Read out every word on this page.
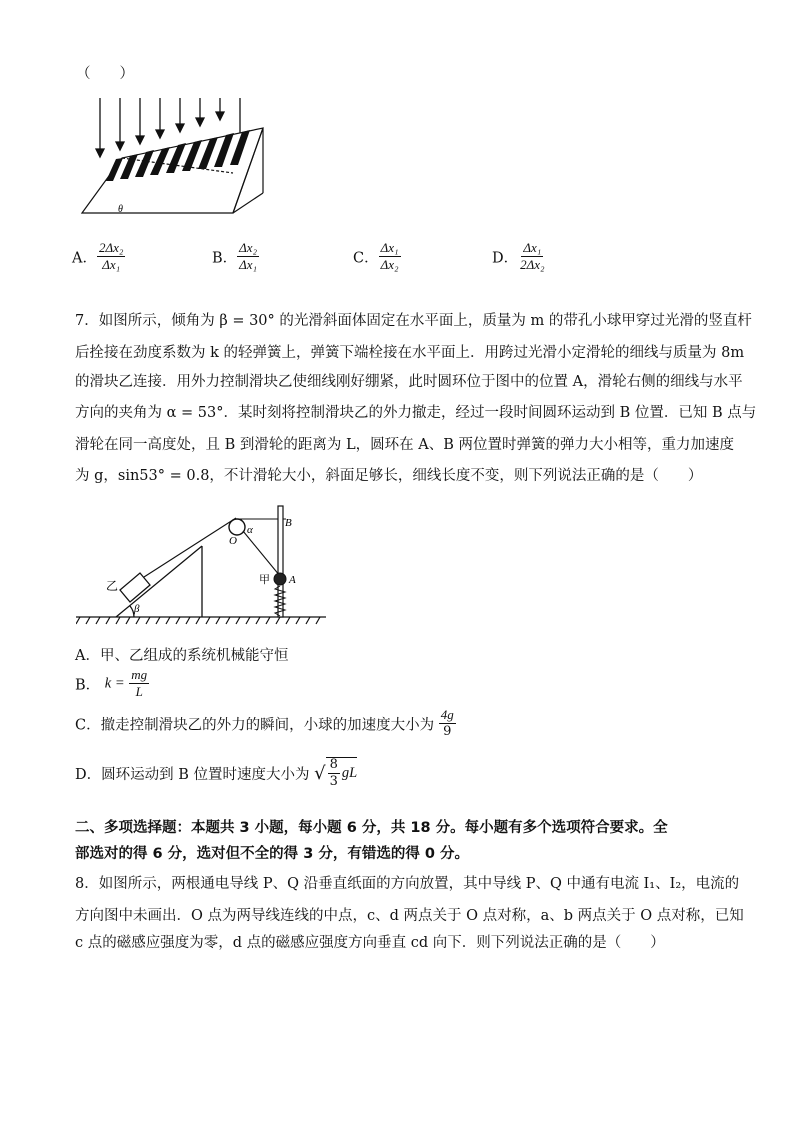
（　　）
θ
A． $\frac{\text{2Δx₂}}{\text{Δx₁}}$	B． $\frac{\text{Δx₂}}{\text{Δx₁}}$	C． $\frac{\text{Δx₁}}{\text{Δx₂}}$	D． $\frac{\text{Δx₁}}{\text{2Δx₂}}$
7．如图所示，倾角为 β = 30° 的光滑斜面体固定在水平面上，质量为 m 的带孔小球甲穿过光滑的竖直杆
后拴接在劲度系数为 k 的轻弹簧上，弹簧下端栓接在水平面上．用跨过光滑小定滑轮的细线与质量为 8m
的滑块乙连接．用外力控制滑块乙使细线刚好绷紧，此时圆环位于图中的位置 A，滑轮右侧的细线与水平
方向的夹角为 α = 53°．某时刻将控制滑块乙的外力撤走，经过一段时间圆环运动到 B 位置．已知 B 点与
滑轮在同一高度处，且 B 到滑轮的距离为 L，圆环在 A、B 两位置时弹簧的弹力大小相等，重力加速度
为 g，sin53° = 0.8，不计滑轮大小，斜面足够长，细线长度不变，则下列说法正确的是（　　）
β
乙
O
α
B
甲 A
A．甲、乙组成的系统机械能守恒
B． $k = \frac{mg}{L}$
C．撤走控制滑块乙的外力的瞬间，小球的加速度大小为 $\frac{4g}{9}$
D．圆环运动到 B 位置时速度大小为 √ $\frac{8}{3}$ gL
二、多项选择题：本题共 3 小题，每小题 6 分，共 18 分。每小题有多个选项符合要求。全
部选对的得 6 分，选对但不全的得 3 分，有错选的得 0 分。
8．如图所示，两根通电导线 P、Q 沿垂直纸面的方向放置，其中导线 P、Q 中通有电流 I₁、I₂，电流的
方向图中未画出．O 点为两导线连线的中点，c、d 两点关于 O 点对称，a、b 两点关于 O 点对称，已知
c 点的磁感应强度为零，d 点的磁感应强度方向垂直 cd 向下．则下列说法正确的是（　　）
